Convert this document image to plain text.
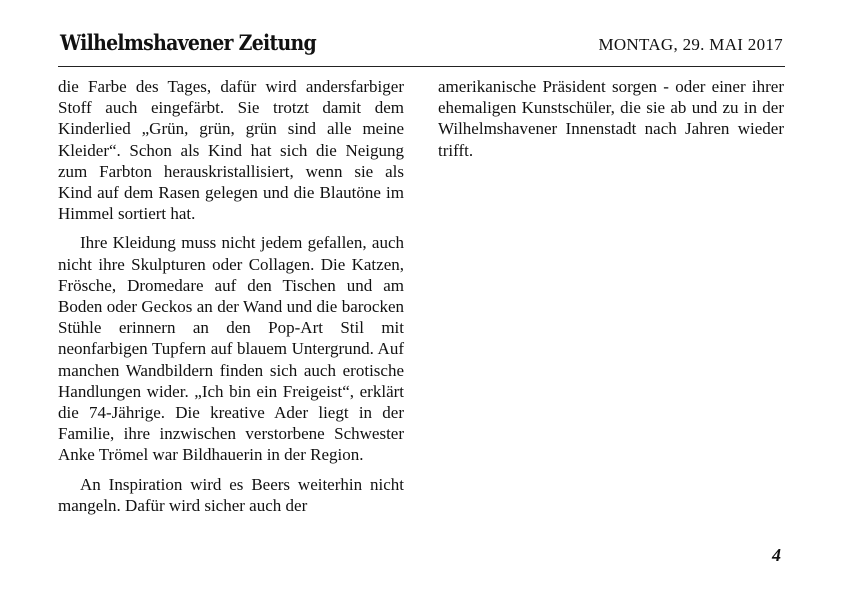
Wilhelmshavener Zeitung	MONTAG, 29. MAI 2017

die Farbe des Tages, dafür wird andersfarbiger Stoff auch eingefärbt. Sie trotzt damit dem Kinderlied „Grün, grün, grün sind alle meine Kleider“. Schon als Kind hat sich die Neigung zum Farbton herauskristallisiert, wenn sie als Kind auf dem Rasen gelegen und die Blautöne im Himmel sortiert hat.

Ihre Kleidung muss nicht jedem gefallen, auch nicht ihre Skulpturen oder Collagen. Die Katzen, Frösche, Dromedare auf den Tischen und am Boden oder Geckos an der Wand und die barocken Stühle erinnern an den Pop-Art Stil mit neonfarbigen Tupfern auf blauem Untergrund. Auf manchen Wandbildern finden sich auch erotische Handlungen wider. „Ich bin ein Freigeist“, erklärt die 74-Jährige. Die kreative Ader liegt in der Familie, ihre inzwischen verstorbene Schwester Anke Trömel war Bildhauerin in der Region.

An Inspiration wird es Beers weiterhin nicht mangeln. Dafür wird sicher auch der

amerikanische Präsident sorgen - oder einer ihrer ehemaligen Kunstschüler, die sie ab und zu in der Wilhelmshavener Innenstadt nach Jahren wieder trifft.

4
